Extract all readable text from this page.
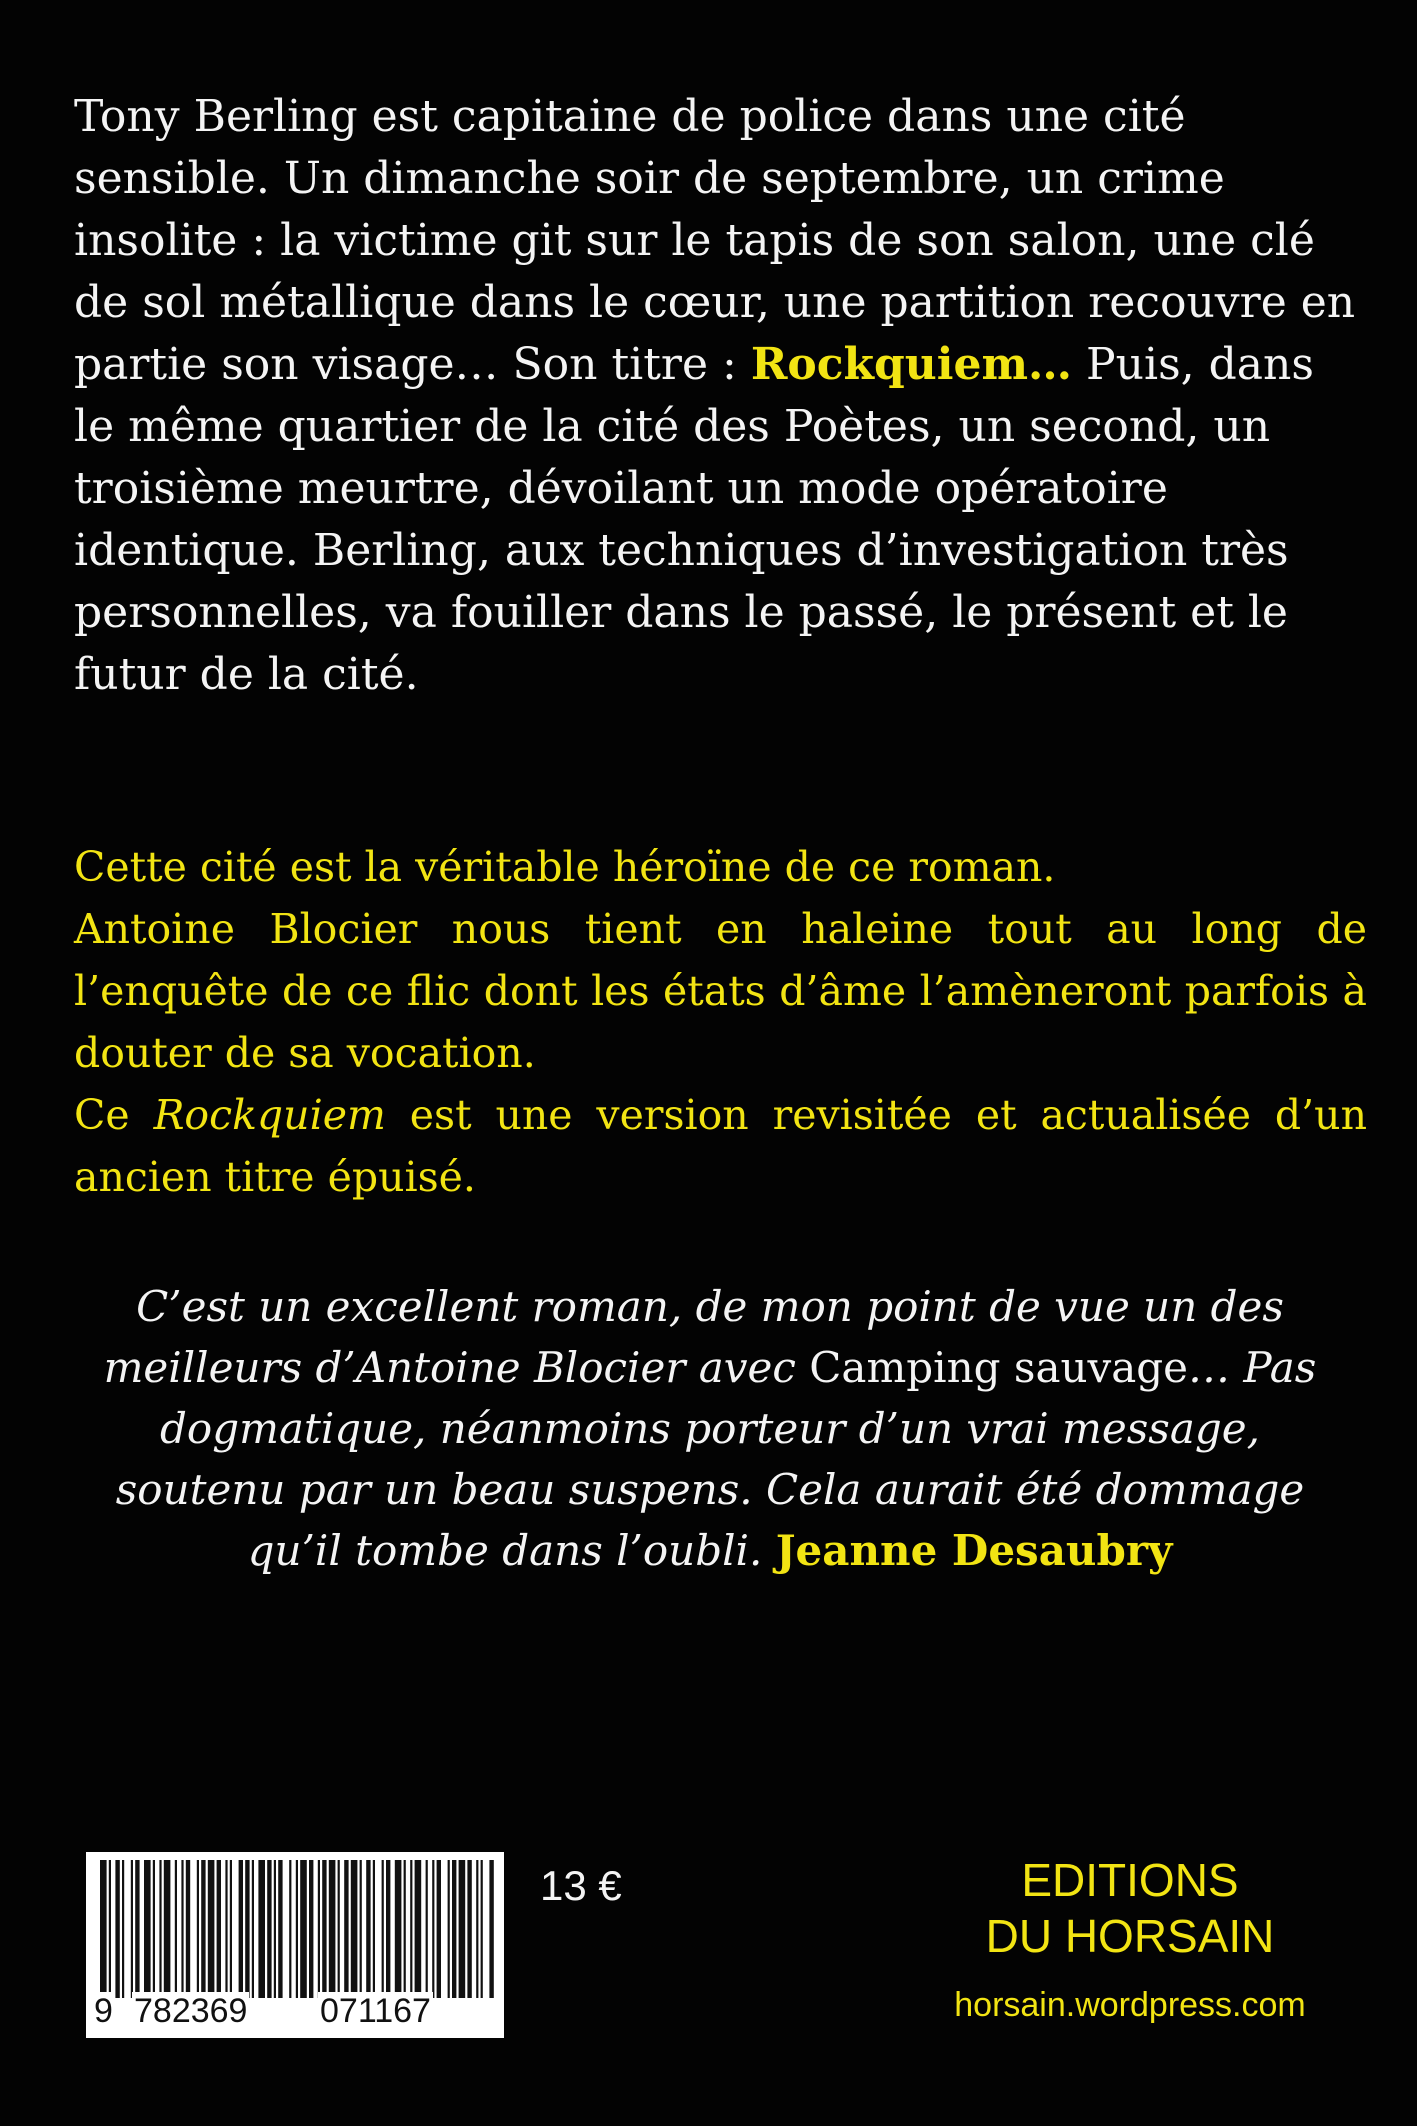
Tony Berling est capitaine de police dans une cité sensible. Un dimanche soir de septembre, un crime insolite : la victime git sur le tapis de son salon, une clé de sol métallique dans le cœur, une partition recouvre en partie son visage… Son titre : Rockquiem… Puis, dans le même quartier de la cité des Poètes, un second, un troisième meurtre, dévoilant un mode opératoire identique. Berling, aux techniques d’investigation très personnelles, va fouiller dans le passé, le présent et le futur de la cité.

Cette cité est la véritable héroïne de ce roman.

Antoine Blocier nous tient en haleine tout au long de l’enquête de ce flic dont les états d’âme l’amèneront parfois à douter de sa vocation.

Ce Rockquiem est une version revisitée et actualisée d’un ancien titre épuisé.

C’est un excellent roman, de mon point de vue un des meilleurs d’Antoine Blocier avec Camping sauvage… Pas dogmatique, néanmoins porteur d’un vrai message, soutenu par un beau suspens. Cela aurait été dommage qu’il tombe dans l’oubli. Jeanne Desaubry
9 782369 071167
13 €	EDITIONS
DU HORSAIN
horsain.wordpress.com
